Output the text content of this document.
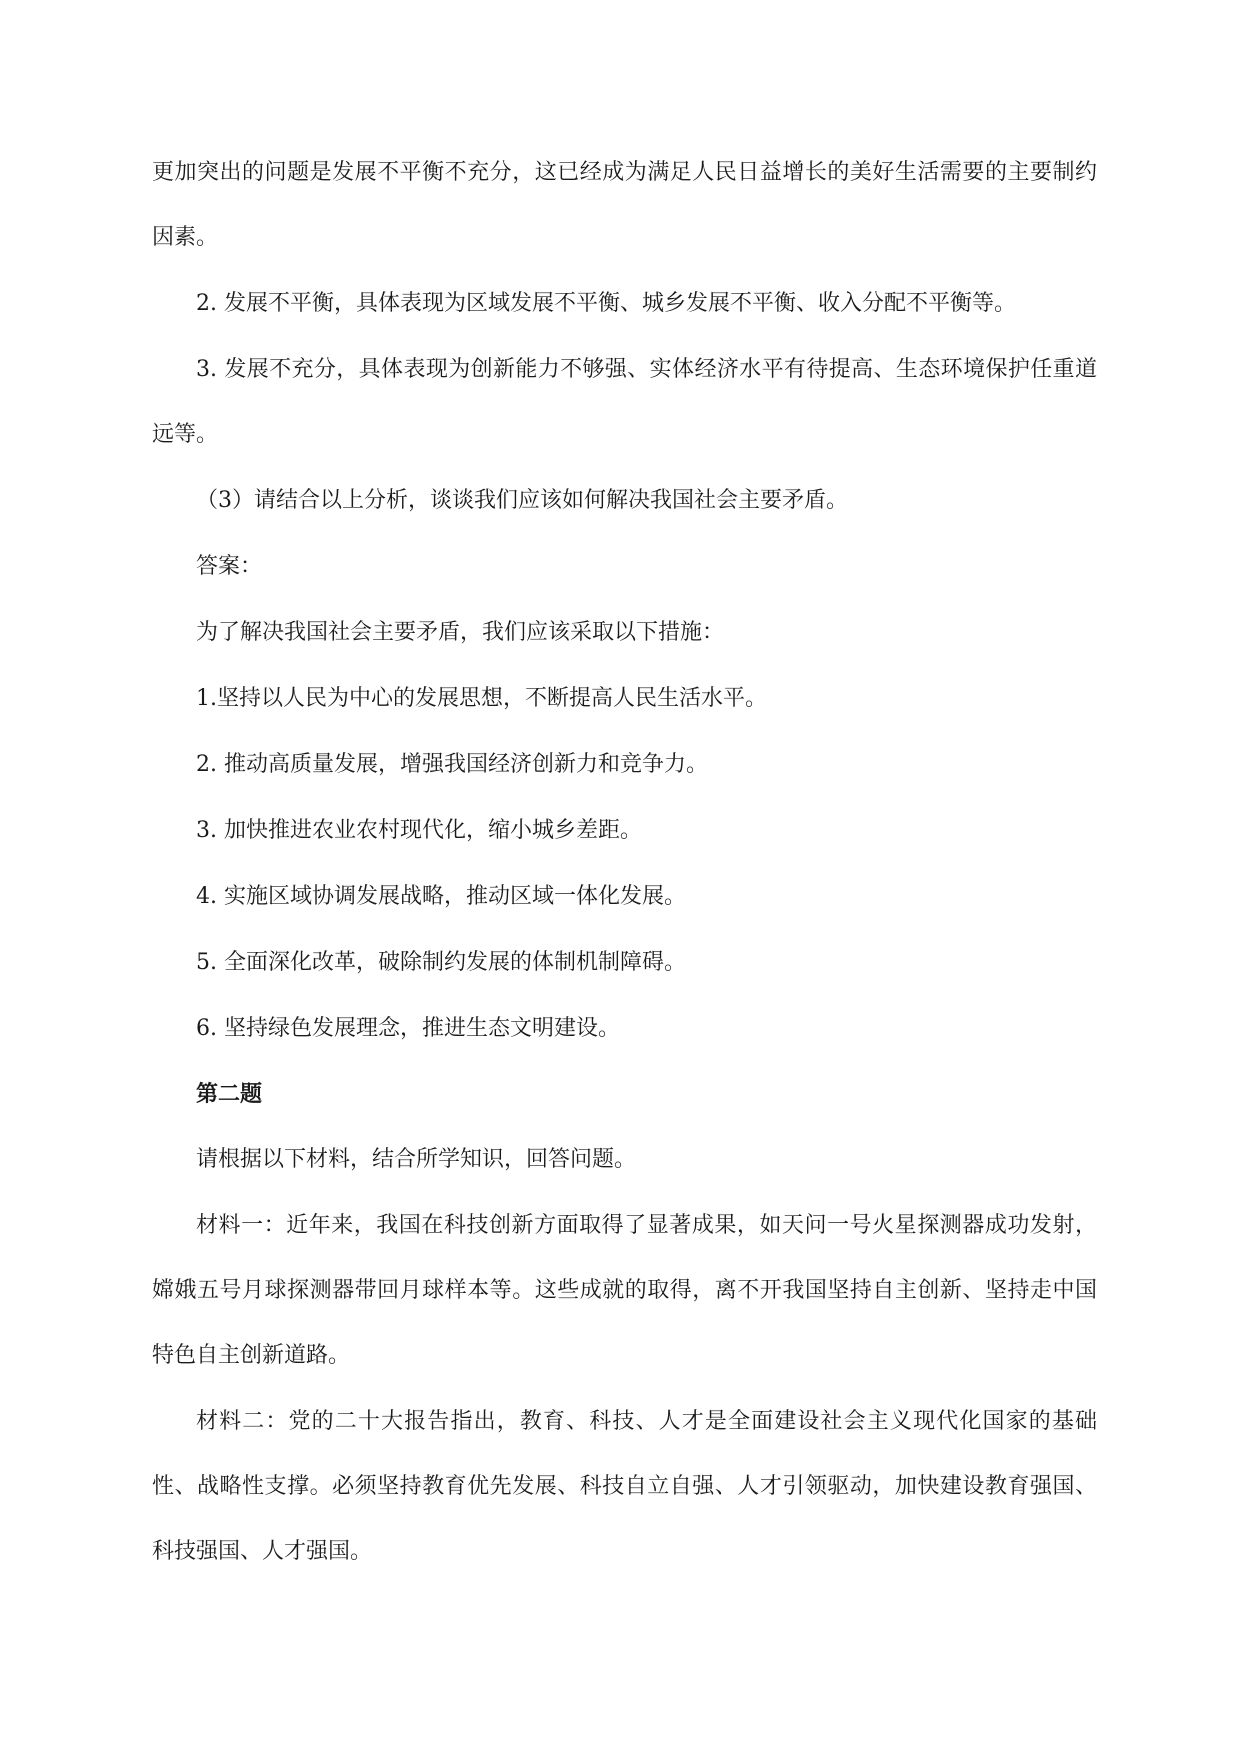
更加突出的问题是发展不平衡不充分，这已经成为满足人民日益增长的美好生活需要的主要制约因素。

2. 发展不平衡，具体表现为区域发展不平衡、城乡发展不平衡、收入分配不平衡等。

3. 发展不充分，具体表现为创新能力不够强、实体经济水平有待提高、生态环境保护任重道远等。

（3）请结合以上分析，谈谈我们应该如何解决我国社会主要矛盾。

答案：

为了解决我国社会主要矛盾，我们应该采取以下措施：

1.坚持以人民为中心的发展思想，不断提高人民生活水平。

2. 推动高质量发展，增强我国经济创新力和竞争力。

3. 加快推进农业农村现代化，缩小城乡差距。

4. 实施区域协调发展战略，推动区域一体化发展。

5. 全面深化改革，破除制约发展的体制机制障碍。

6. 坚持绿色发展理念，推进生态文明建设。

第二题

请根据以下材料，结合所学知识，回答问题。

材料一：近年来，我国在科技创新方面取得了显著成果，如天问一号火星探测器成功发射，嫦娥五号月球探测器带回月球样本等。这些成就的取得，离不开我国坚持自主创新、坚持走中国特色自主创新道路。

材料二：党的二十大报告指出，教育、科技、人才是全面建设社会主义现代化国家的基础性、战略性支撑。必须坚持教育优先发展、科技自立自强、人才引领驱动，加快建设教育强国、科技强国、人才强国。
